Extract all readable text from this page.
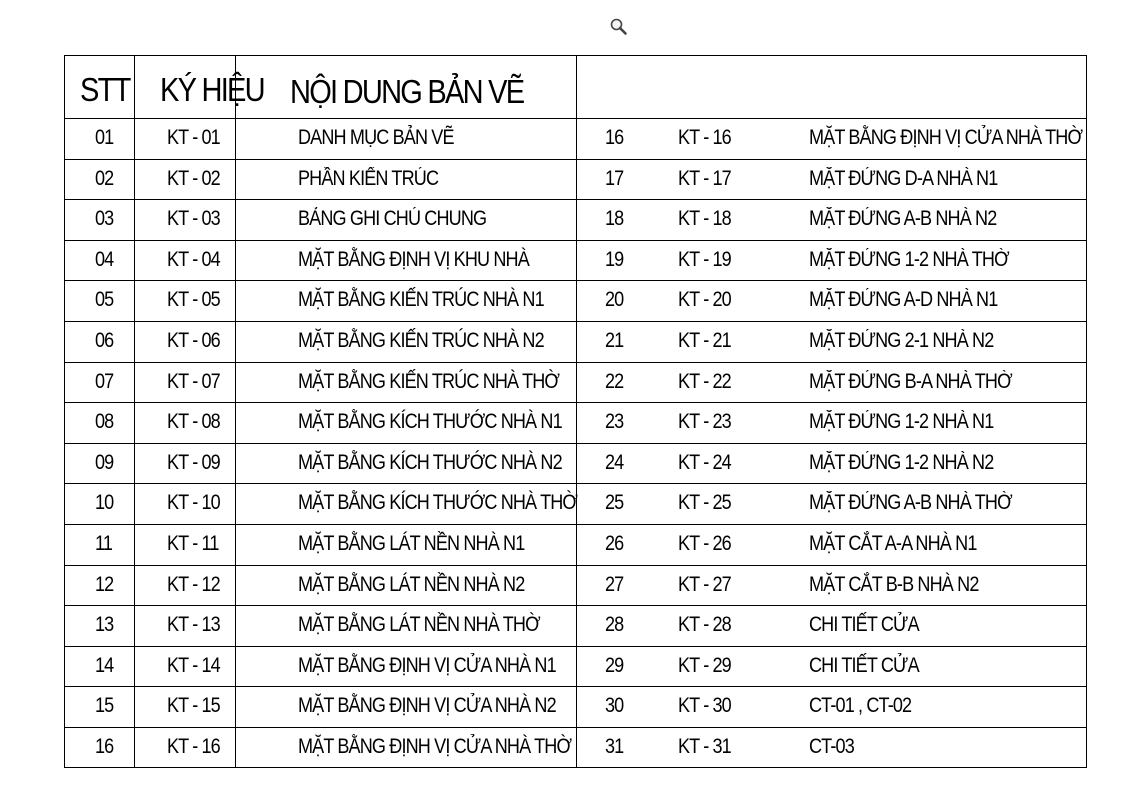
STT KÝ HIỆU NỘI DUNG BẢN VẼ
01	KT - 01	DANH MỤC BẢN VẼ	16	KT - 16	MẶT BẰNG ĐỊNH VỊ CỬA NHÀ THỜ
02	KT - 02	PHẦN KIẾN TRÚC	17	KT - 17	MẶT ĐỨNG D-A NHÀ N1
03	KT - 03	BẢNG GHI CHÚ CHUNG	18	KT - 18	MẶT ĐỨNG A-B NHÀ N2
04	KT - 04	MẶT BẰNG ĐỊNH VỊ KHU NHÀ	19	KT - 19	MẶT ĐỨNG 1-2 NHÀ THỜ
05	KT - 05	MẶT BẰNG KIẾN TRÚC NHÀ N1	20	KT - 20	MẶT ĐỨNG A-D NHÀ N1
06	KT - 06	MẶT BẰNG KIẾN TRÚC NHÀ N2	21	KT - 21	MẶT ĐỨNG 2-1 NHÀ N2
07	KT - 07	MẶT BẰNG KIẾN TRÚC NHÀ THỜ 22	KT - 22	MẶT ĐỨNG B-A NHÀ THỜ
08	KT - 08	MẶT BẰNG KÍCH THƯỚC NHÀ N1 23	KT - 23	MẶT ĐỨNG 1-2 NHÀ N1
09	KT - 09	MẶT BẰNG KÍCH THƯỚC NHÀ N2 24	KT - 24	MẶT ĐỨNG 1-2 NHÀ N2
10	KT - 10	MẶT BẰNG KÍCH THƯỚC NHÀ THỜ 25	KT - 25	MẶT ĐỨNG A-B NHÀ THỜ
11	KT - 11	MẶT BẰNG LÁT NỀN NHÀ N1	26	KT - 26	MẶT CẮT A-A NHÀ N1
12	KT - 12	MẶT BẰNG LÁT NỀN NHÀ N2	27	KT - 27	MẶT CẮT B-B NHÀ N2
13	KT - 13	MẶT BẰNG LÁT NỀN NHÀ THỜ	28	KT - 28	CHI TIẾT CỬA
14	KT - 14	MẶT BẰNG ĐỊNH VỊ CỬA NHÀ N1 29	KT - 29	CHI TIẾT CỬA
15	KT - 15	MẶT BẰNG ĐỊNH VỊ CỬA NHÀ N2 30	KT - 30	CT-01 , CT-02
16	KT - 16	MẶT BẰNG ĐỊNH VỊ CỬA NHÀ THỜ 31	KT - 31	CT-03
